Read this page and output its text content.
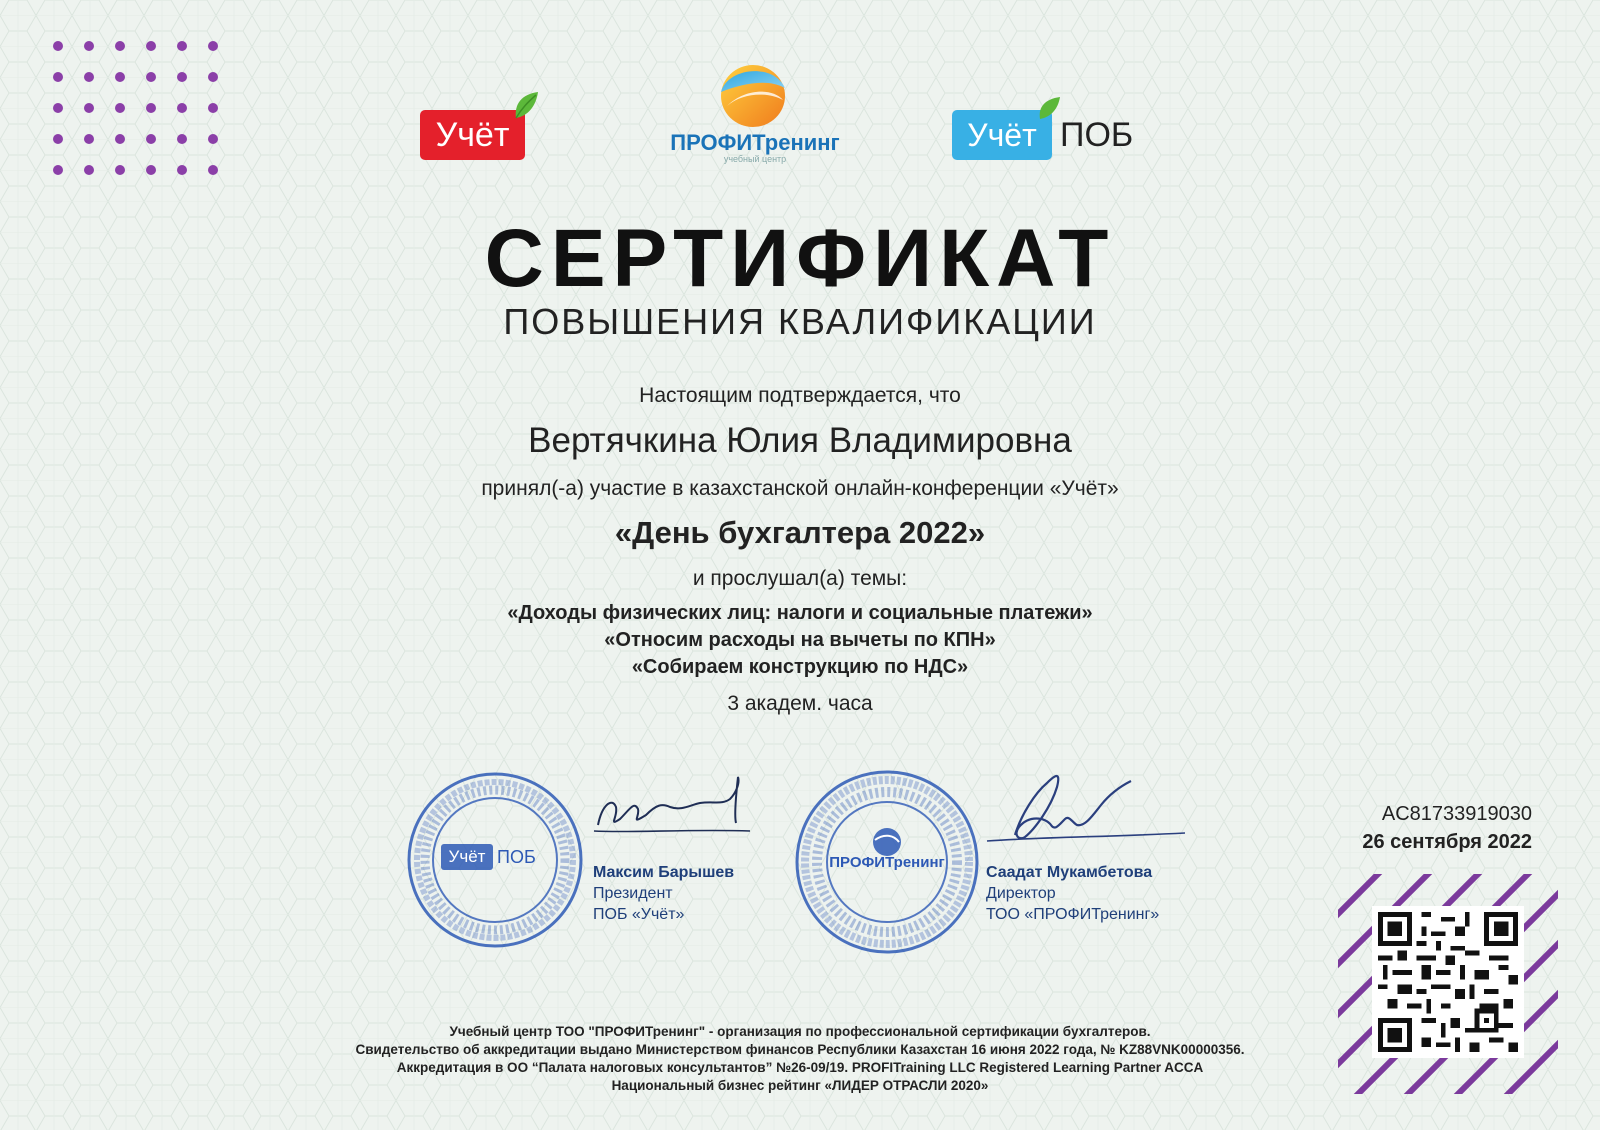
Учёт	ПРОФИТренинг
учебный центр
Учёт ПОБ
СЕРТИФИКАТ
ПОВЫШЕНИЯ КВАЛИФИКАЦИИ
Настоящим подтверждается, что
Вертячкина Юлия Владимировна
принял(-а) участие в казахстанской онлайн-конференции «Учёт»
«День бухгалтера 2022»
и прослушал(а) темы:
«Доходы физических лиц: налоги и социальные платежи»
«Относим расходы на вычеты по КПН»
«Собираем конструкцию по НДС»
3 академ. часа
Учёт ПОБ
Максим Барышев
Президент
ПОБ «Учёт»
ПРОФИТренинг
Саадат Мукамбетова
Директор
ТОО «ПРОФИТренинг»
AC81733919030
26 сентября 2022
Учебный центр ТОО "ПРОФИТренинг" - организация по профессиональной сертификации бухгалтеров.
Свидетельство об аккредитации выдано Министерством финансов Республики Казахстан 16 июня 2022 года, № KZ88VNK00000356.
Аккредитация в ОО “Палата налоговых консультантов” №26-09/19. PROFITraining LLC Registered Learning Partner ACCA
Национальный бизнес рейтинг «ЛИДЕР ОТРАСЛИ 2020»
